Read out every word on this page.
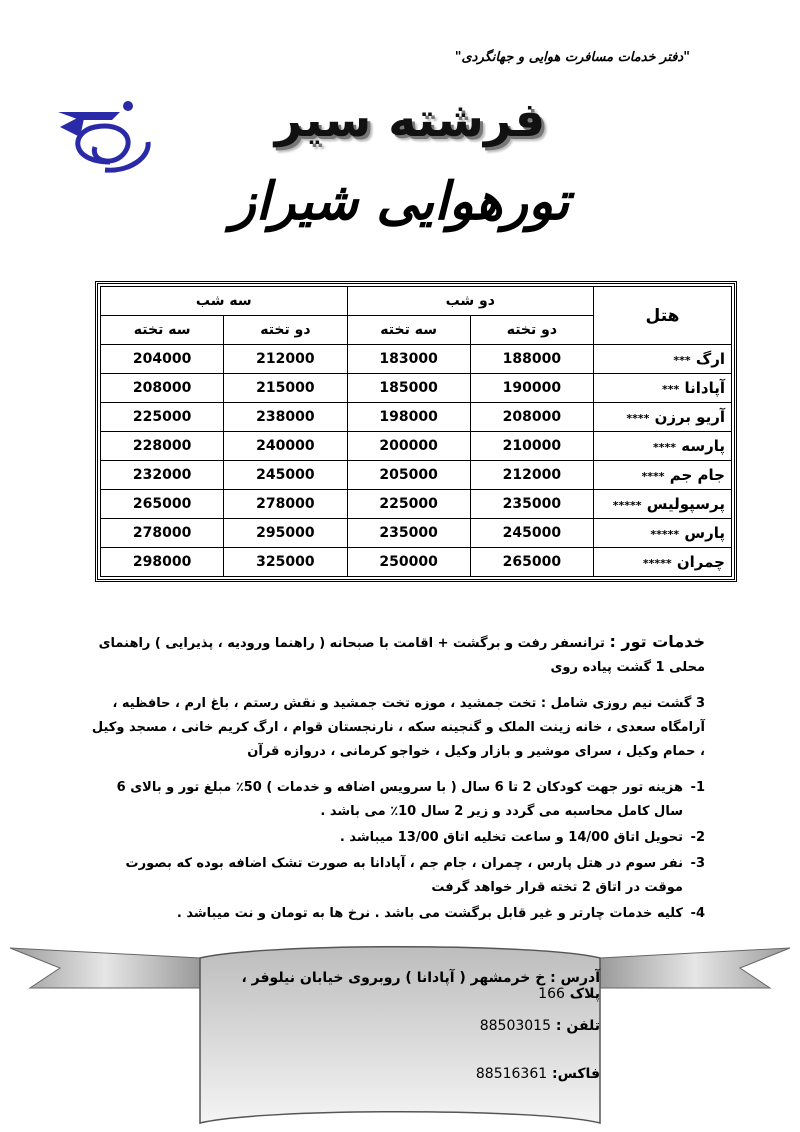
"دفتر خدمات مسافرت هوایی و جهانگردی"
فرشته سیر
تورهوایی شیراز
هتل	دو شب		سه شب	
	دو تخته	سه تخته	دو تخته	سه تخته
ارگ ***	188000	183000	212000	204000
آپادانا ***	190000	185000	215000	208000
آریو برزن ****	208000	198000	238000	225000
پارسه ****	210000	200000	240000	228000
جام جم ****	212000	205000	245000	232000
پرسپولیس *****	235000	225000	278000	265000
پارس *****	245000	235000	295000	278000
چمران *****	265000	250000	325000	298000

خدمات تور : ترانسفر رفت و برگشت + اقامت با صبحانه ( راهنما ورودیه ، پذیرایی ) راهنمای محلی 1 گشت پیاده روی

3 گشت نیم روزی شامل : تخت جمشید ، موزه تخت جمشید و نقش رستم ، باغ ارم ، حافظیه ، آرامگاه سعدی ، خانه زینت الملک و گنجینه سکه ، نارنجستان قوام ، ارگ کریم خانی ، مسجد وکیل ، حمام وکیل ، سرای موشیر و بازار وکیل ، خواجو کرمانی ، دروازه قرآن

1-
هزینه تور جهت کودکان 2 تا 6 سال ( با سرویس اضافه و خدمات ) 50٪ مبلغ تور و بالای 6 سال کامل محاسبه می گردد و زیر 2 سال 10٪ می باشد .
2-
تحویل اتاق 14/00 و ساعت تخلیه اتاق 13/00 میباشد .
3-
نفر سوم در هتل پارس ، چمران ، جام جم ، آپادانا به صورت تشک اضافه بوده که بصورت موقت در اتاق 2 تخته قرار خواهد گرفت
4-
کلیه خدمات چارتر و غیر قابل برگشت می باشد . نرخ ها به تومان و نت میباشد .
آدرس : خ خرمشهر ( آپادانا ) روبروی خیابان نیلوفر ، پلاک 166
تلفن : 88503015
فاکس: 88516361
